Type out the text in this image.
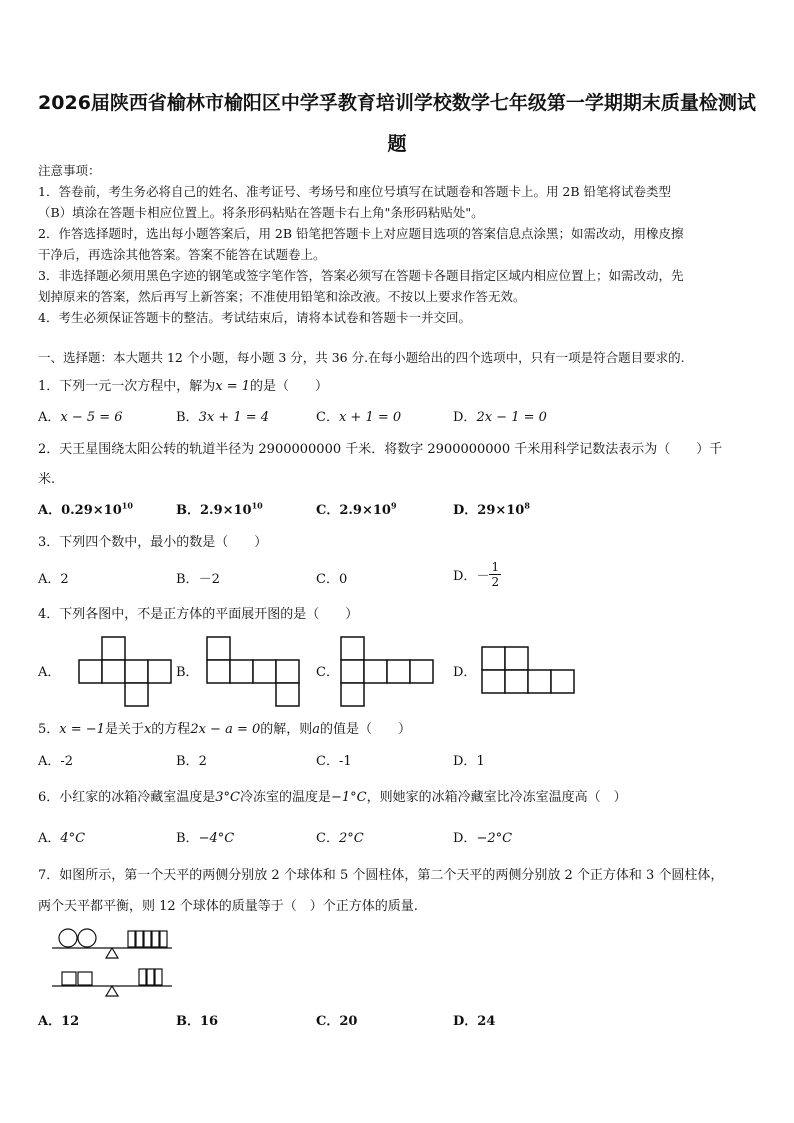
2026届陕西省榆林市榆阳区中学孚教育培训学校数学七年级第一学期期末质量检测试
题
注意事项：
1．答卷前，考生务必将自己的姓名、准考证号、考场号和座位号填写在试题卷和答题卡上。用 2B 铅笔将试卷类型
（B）填涂在答题卡相应位置上。将条形码粘贴在答题卡右上角"条形码粘贴处"。
2．作答选择题时，选出每小题答案后，用 2B 铅笔把答题卡上对应题目选项的答案信息点涂黑；如需改动，用橡皮擦
干净后，再选涂其他答案。答案不能答在试题卷上。
3．非选择题必须用黑色字迹的钢笔或签字笔作答，答案必须写在答题卡各题目指定区域内相应位置上；如需改动，先
划掉原来的答案，然后再写上新答案；不准使用铅笔和涂改液。不按以上要求作答无效。
4．考生必须保证答题卡的整洁。考试结束后，请将本试卷和答题卡一并交回。
一、选择题：本大题共 12 个小题，每小题 3 分，共 36 分.在每小题给出的四个选项中，只有一项是符合题目要求的.
1．下列一元一次方程中，解为x = 1的是（　　）
A．x − 5 = 6	B．3x + 1 = 4	C．x + 1 = 0	D．2x − 1 = 0
2．天王星围绕太阳公转的轨道半径为 2900000000 千米．将数字 2900000000 千米用科学记数法表示为（　　）千
米.
A．$0.29\times 10^{10}$	B．$2.9\times 10^{10}$	C．$2.9\times 10^9$	D．$29\times 10^8$
3．下列四个数中，最小的数是（　　）
A．2	B．－2	C．0	D．－ $\frac{1}{2}$
4．下列各图中，不是正方体的平面展开图的是（　　）
A．	B．	C．	D．
5．x = −1是关于x的方程2x − a = 0的解，则a的值是（　　）
A．-2	B．2	C．-1	D．1
6．小红家的冰箱冷藏室温度是3°C冷冻室的温度是−1°C，则她家的冰箱冷藏室比冷冻室温度高（　）
A．4°C	B．−4°C	C．2°C	D．−2°C
7．如图所示，第一个天平的两侧分别放 2 个球体和 5 个圆柱体，第二个天平的两侧分别放 2 个正方体和 3 个圆柱体，
两个天平都平衡，则 12 个球体的质量等于（　）个正方体的质量.
A．12	B．16	C．20	D．24
